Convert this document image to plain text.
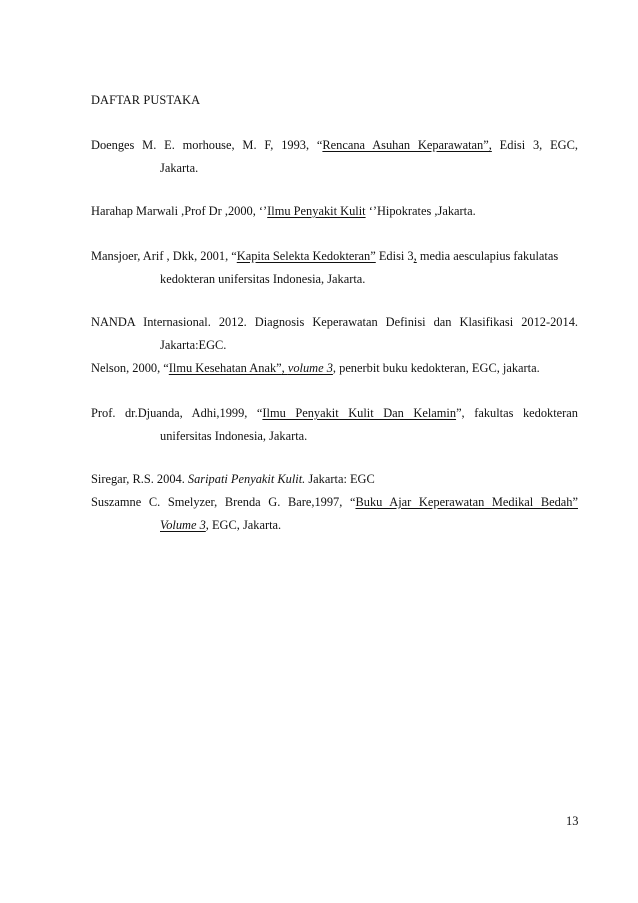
DAFTAR PUSTAKA

Doenges M. E. morhouse, M. F, 1993, “Rencana Asuhan Keparawatan”, Edisi 3, EGC,
Jakarta.

Harahap Marwali ,Prof Dr ,2000, ‘’Ilmu Penyakit Kulit ‘’Hipokrates ,Jakarta.

Mansjoer, Arif , Dkk, 2001, “Kapita Selekta Kedokteran” Edisi 3, media aesculapius fakulatas
kedokteran unifersitas Indonesia, Jakarta.

NANDA Internasional. 2012. Diagnosis Keperawatan Definisi dan Klasifikasi 2012-2014.
Jakarta:EGC.

Nelson, 2000, “Ilmu Kesehatan Anak”, volume 3, penerbit buku kedokteran, EGC, jakarta.

Prof. dr.Djuanda, Adhi,1999, “Ilmu Penyakit Kulit Dan Kelamin”, fakultas kedokteran
unifersitas Indonesia, Jakarta.

Siregar, R.S. 2004. Saripati Penyakit Kulit. Jakarta: EGC

Suszamne C. Smelyzer, Brenda G. Bare,1997, “Buku Ajar Keperawatan Medikal Bedah”
Volume 3, EGC, Jakarta.

13
